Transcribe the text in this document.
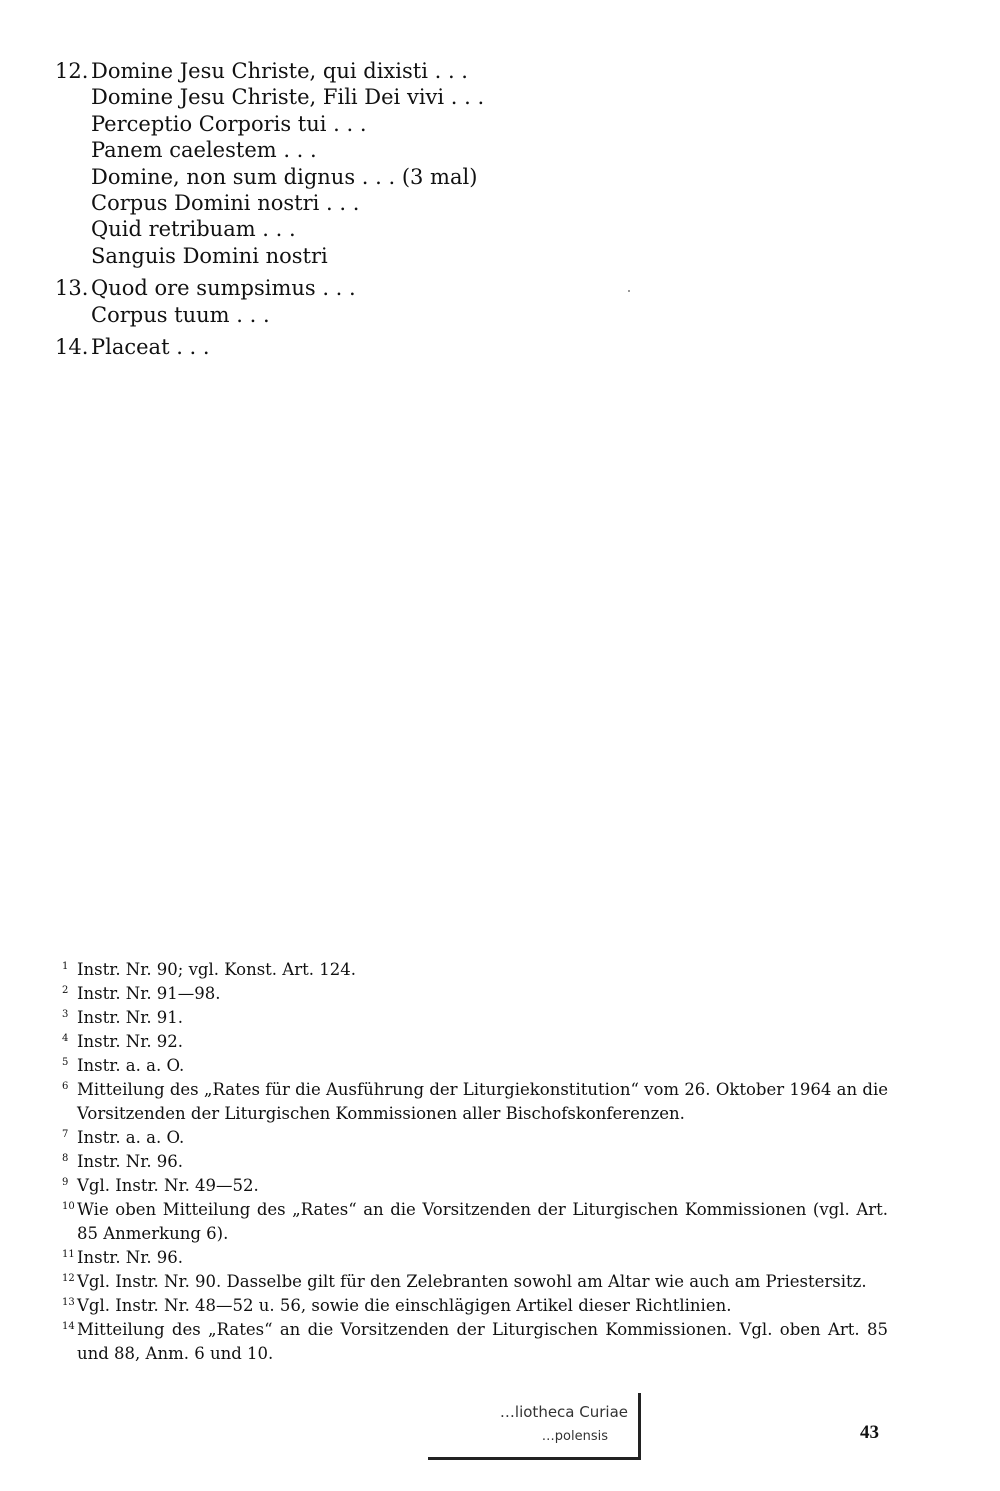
12. Domine Jesu Christe, qui dixisti . . .
Domine Jesu Christe, Fili Dei vivi . . .
Perceptio Corporis tui . . .
Panem caelestem . . .
Domine, non sum dignus . . . (3 mal)
Corpus Domini nostri . . .
Quid retribuam . . .
Sanguis Domini nostri
13. Quod ore sumpsimus . . .
Corpus tuum . . .
14. Placeat . . .
1 Instr. Nr. 90; vgl. Konst. Art. 124.
2 Instr. Nr. 91—98.
3 Instr. Nr. 91.
4 Instr. Nr. 92.
5 Instr. a. a. O.
6 Mitteilung des „Rates für die Ausführung der Liturgiekonstitution“ vom 26. Oktober 1964 an die Vorsitzenden der Liturgischen Kommissionen aller Bischofskonferenzen.
7 Instr. a. a. O.
8 Instr. Nr. 96.
9 Vgl. Instr. Nr. 49—52.
10 Wie oben Mitteilung des „Rates“ an die Vorsitzenden der Liturgischen Kommissionen (vgl. Art. 85 Anmerkung 6).
11 Instr. Nr. 96.
12 Vgl. Instr. Nr. 90. Dasselbe gilt für den Zelebranten sowohl am Altar wie auch am Priestersitz.
13 Vgl. Instr. Nr. 48—52 u. 56, sowie die einschlägigen Artikel dieser Richtlinien.
14 Mitteilung des „Rates“ an die Vorsitzenden der Liturgischen Kommissionen. Vgl. oben Art. 85 und 88, Anm. 6 und 10.
…liotheca Curiae
…polensis	43
